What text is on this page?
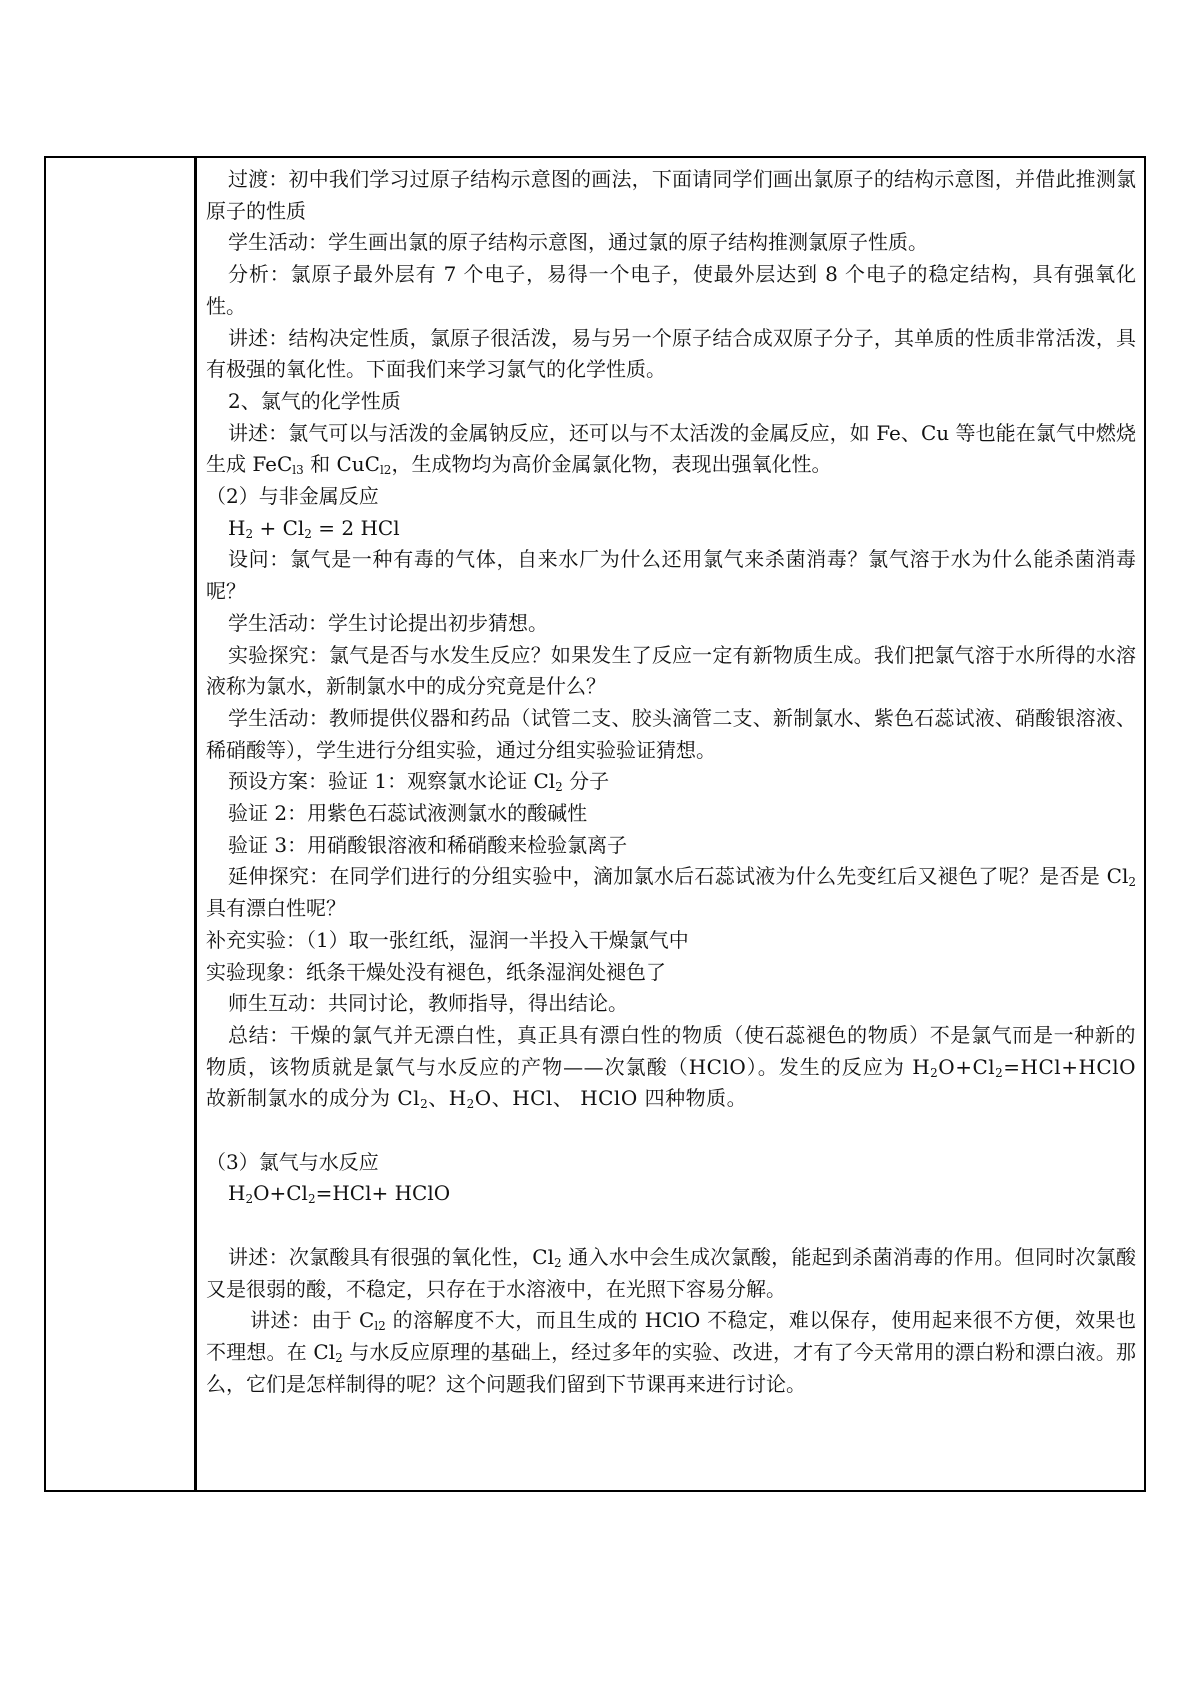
过渡：初中我们学习过原子结构示意图的画法，下面请同学们画出氯原子的结构示意图，并借此推测氯原子的性质

学生活动：学生画出氯的原子结构示意图，通过氯的原子结构推测氯原子性质。

分析：氯原子最外层有 7 个电子，易得一个电子，使最外层达到 8 个电子的稳定结构，具有强氧化性。

讲述：结构决定性质，氯原子很活泼，易与另一个原子结合成双原子分子，其单质的性质非常活泼，具有极强的氧化性。下面我们来学习氯气的化学性质。

2、氯气的化学性质

讲述：氯气可以与活泼的金属钠反应，还可以与不太活泼的金属反应，如 Fe、Cu 等也能在氯气中燃烧生成 FeC$_{l3}$ 和 CuC$_{l2}$，生成物均为高价金属氯化物，表现出强氧化性。

（2）与非金属反应

$H_2 + Cl_2 = 2$ HCl

设问：氯气是一种有毒的气体，自来水厂为什么还用氯气来杀菌消毒？氯气溶于水为什么能杀菌消毒呢？

学生活动：学生讨论提出初步猜想。

实验探究：氯气是否与水发生反应？如果发生了反应一定有新物质生成。我们把氯气溶于水所得的水溶液称为氯水，新制氯水中的成分究竟是什么？

学生活动：教师提供仪器和药品（试管二支、胶头滴管二支、新制氯水、紫色石蕊试液、硝酸银溶液、稀硝酸等），学生进行分组实验，通过分组实验验证猜想。

预设方案：验证 1：观察氯水论证 $Cl_2$ 分子

验证 2：用紫色石蕊试液测氯水的酸碱性

验证 3：用硝酸银溶液和稀硝酸来检验氯离子

延伸探究：在同学们进行的分组实验中，滴加氯水后石蕊试液为什么先变红后又褪色了呢？是否是 $Cl_2$ 具有漂白性呢？

补充实验：（1）取一张红纸，湿润一半投入干燥氯气中

实验现象：纸条干燥处没有褪色，纸条湿润处褪色了

师生互动：共同讨论，教师指导，得出结论。

总结：干燥的氯气并无漂白性，真正具有漂白性的物质（使石蕊褪色的物质）不是氯气而是一种新的物质，该物质就是氯气与水反应的产物——次氯酸（HClO）。发生的反应为 $H_2O+Cl_2=HCl+HClO$ 故新制氯水的成分为 $Cl_2$、$H_2O$、HCl、 HClO 四种物质。

（3）氯气与水反应

$H_2O+Cl_2=HCl+$ HClO

讲述：次氯酸具有很强的氧化性，$Cl_2$ 通入水中会生成次氯酸，能起到杀菌消毒的作用。但同时次氯酸又是很弱的酸，不稳定，只存在于水溶液中，在光照下容易分解。

讲述：由于 $C_{l2}$ 的溶解度不大，而且生成的 HClO 不稳定，难以保存，使用起来很不方便，效果也不理想。在 $Cl_2$ 与水反应原理的基础上，经过多年的实验、改进，才有了今天常用的漂白粉和漂白液。那么，它们是怎样制得的呢？这个问题我们留到下节课再来进行讨论。
